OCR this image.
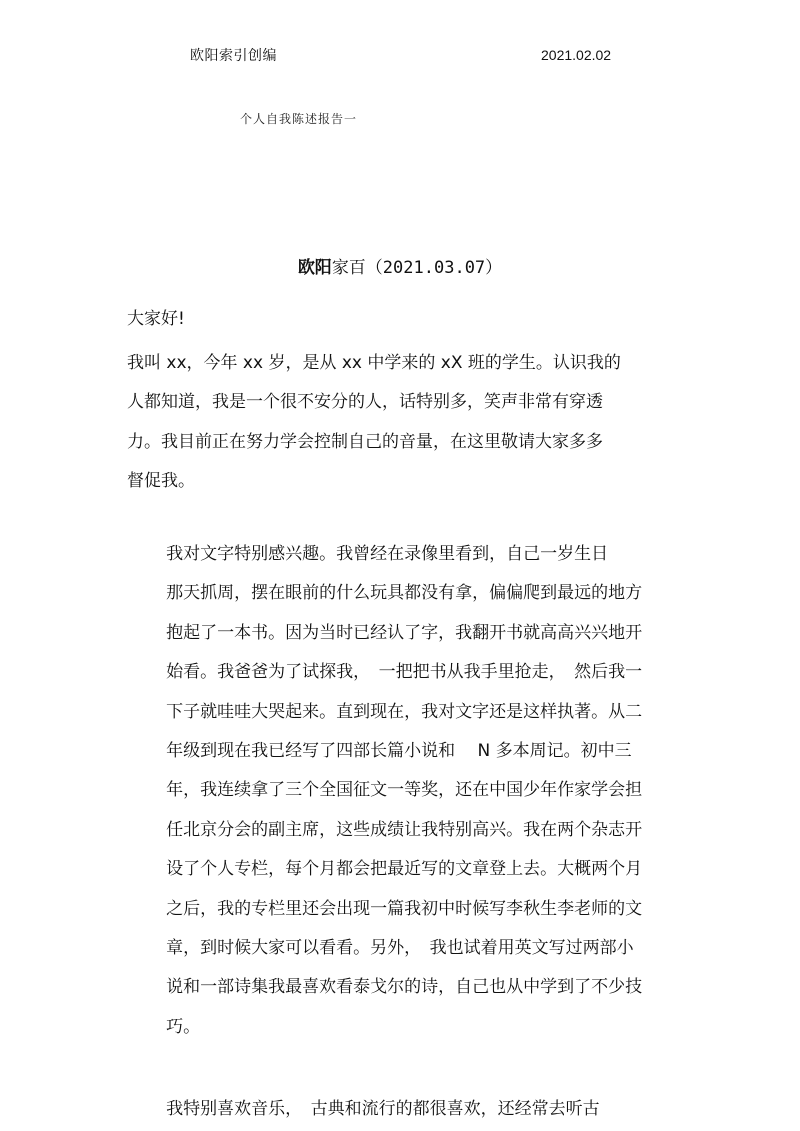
欧阳索引创编	2021.02.02
个人自我陈述报告一
欧阳家百（2021.03.07）
大家好!
我叫 xx，今年 xx 岁，是从 xx 中学来的 xX 班的学生。认识我的
人都知道，我是一个很不安分的人，话特别多，笑声非常有穿透
力。我目前正在努力学会控制自己的音量，在这里敬请大家多多
督促我。
我对文字特别感兴趣。我曾经在录像里看到，自己一岁生日
那天抓周，摆在眼前的什么玩具都没有拿，偏偏爬到最远的地方
抱起了一本书。因为当时已经认了字，我翻开书就高高兴兴地开
始看。我爸爸为了试探我，　一把把书从我手里抢走，　然后我一
下子就哇哇大哭起来。直到现在，我对文字还是这样执著。从二
年级到现在我已经写了四部长篇小说和　 N 多本周记。初中三
年，我连续拿了三个全国征文一等奖，还在中国少年作家学会担
任北京分会的副主席，这些成绩让我特别高兴。我在两个杂志开
设了个人专栏，每个月都会把最近写的文章登上去。大概两个月
之后，我的专栏里还会出现一篇我初中时候写李秋生李老师的文
章，到时候大家可以看看。另外，　我也试着用英文写过两部小
说和一部诗集我最喜欢看泰戈尔的诗，自己也从中学到了不少技
巧。
我特别喜欢音乐，　古典和流行的都很喜欢，还经常去听古
